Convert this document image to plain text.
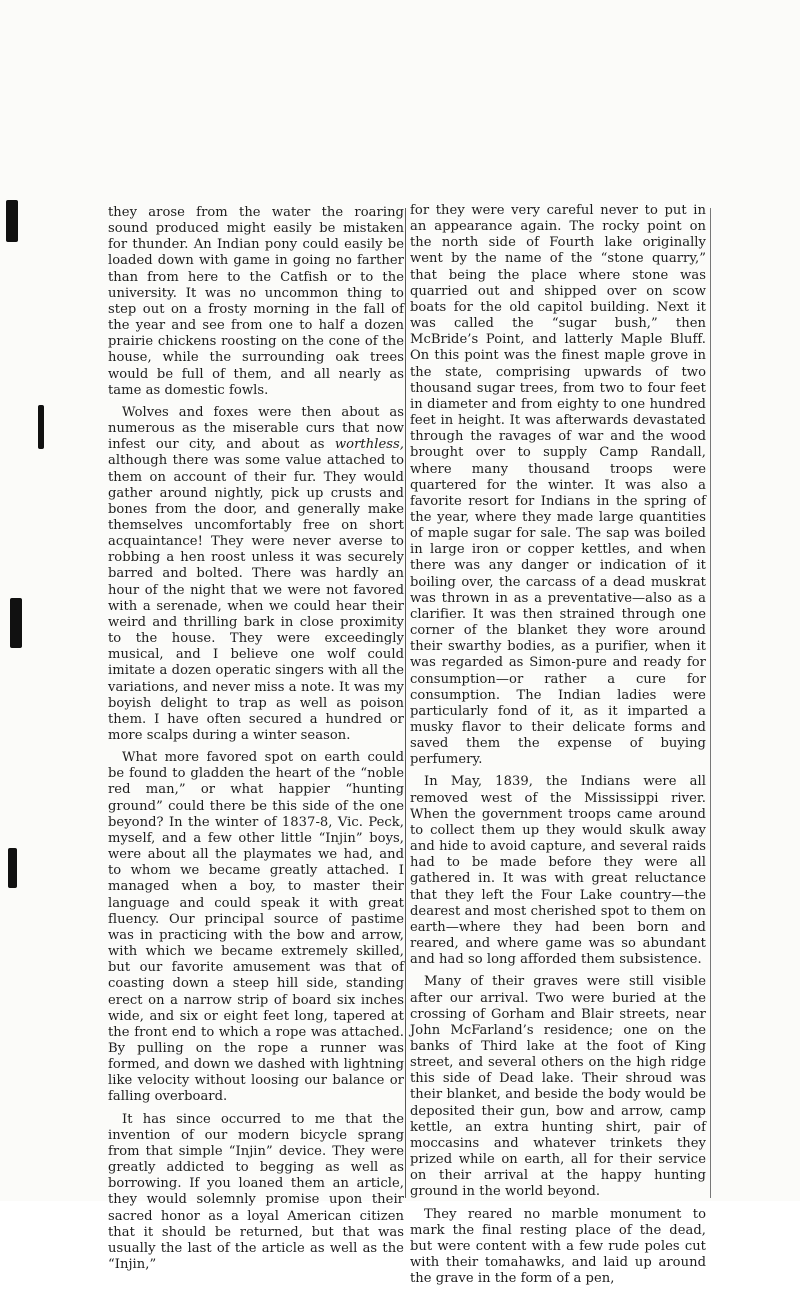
they arose from the water the roaring sound produced might easily be mistaken for thunder. An Indian pony could easily be loaded down with game in going no farther than from here to the Catfish or to the university. It was no uncommon thing to step out on a frosty morning in the fall of the year and see from one to half a dozen prairie chickens roosting on the cone of the house, while the surrounding oak trees would be full of them, and all nearly as tame as domestic fowls.

Wolves and foxes were then about as numerous as the miserable curs that now infest our city, and about as worthless, although there was some value attached to them on account of their fur. They would gather around nightly, pick up crusts and bones from the door, and generally make themselves uncomfortably free on short acquaintance! They were never averse to robbing a hen roost unless it was securely barred and bolted. There was hardly an hour of the night that we were not favored with a serenade, when we could hear their weird and thrilling bark in close proximity to the house. They were exceedingly musical, and I believe one wolf could imitate a dozen operatic singers with all the variations, and never miss a note. It was my boyish delight to trap as well as poison them. I have often secured a hundred or more scalps during a winter season.

What more favored spot on earth could be found to gladden the heart of the “noble red man,” or what happier “hunting ground” could there be this side of the one beyond? In the winter of 1837-8, Vic. Peck, myself, and a few other little “Injin” boys, were about all the playmates we had, and to whom we became greatly attached. I managed when a boy, to master their language and could speak it with great fluency. Our principal source of pastime was in practicing with the bow and arrow, with which we became extremely skilled, but our favorite amusement was that of coasting down a steep hill side, standing erect on a narrow strip of board six inches wide, and six or eight feet long, tapered at the front end to which a rope was attached. By pulling on the rope a runner was formed, and down we dashed with lightning like velocity without loosing our balance or falling overboard.

It has since occurred to me that the invention of our modern bicycle sprang from that simple “Injin” device. They were greatly addicted to begging as well as borrowing. If you loaned them an article, they would solemnly promise upon their sacred honor as a loyal American citizen that it should be returned, but that was usually the last of the article as well as the “Injin,”

for they were very careful never to put in an appearance again. The rocky point on the north side of Fourth lake originally went by the name of the “stone quarry,” that being the place where stone was quarried out and shipped over on scow boats for the old capitol building. Next it was called the “sugar bush,” then McBride’s Point, and latterly Maple Bluff. On this point was the finest maple grove in the state, comprising upwards of two thousand sugar trees, from two to four feet in diameter and from eighty to one hundred feet in height. It was afterwards devastated through the ravages of war and the wood brought over to supply Camp Randall, where many thousand troops were quartered for the winter. It was also a favorite resort for Indians in the spring of the year, where they made large quantities of maple sugar for sale. The sap was boiled in large iron or copper kettles, and when there was any danger or indication of it boiling over, the carcass of a dead muskrat was thrown in as a preventative—also as a clarifier. It was then strained through one corner of the blanket they wore around their swarthy bodies, as a purifier, when it was regarded as Simon-pure and ready for consumption—or rather a cure for consumption. The Indian ladies were particularly fond of it, as it imparted a musky flavor to their delicate forms and saved them the expense of buying perfumery.

In May, 1839, the Indians were all removed west of the Mississippi river. When the government troops came around to collect them up they would skulk away and hide to avoid capture, and several raids had to be made before they were all gathered in. It was with great reluctance that they left the Four Lake country—the dearest and most cherished spot to them on earth—where they had been born and reared, and where game was so abundant and had so long afforded them subsistence.

Many of their graves were still visible after our arrival. Two were buried at the crossing of Gorham and Blair streets, near John McFarland’s residence; one on the banks of Third lake at the foot of King street, and several others on the high ridge this side of Dead lake. Their shroud was their blanket, and beside the body would be deposited their gun, bow and arrow, camp kettle, an extra hunting shirt, pair of moccasins and whatever trinkets they prized while on earth, all for their service on their arrival at the happy hunting ground in the world beyond.

They reared no marble monument to mark the final resting place of the dead, but were content with a few rude poles cut with their tomahawks, and laid up around the grave in the form of a pen,
